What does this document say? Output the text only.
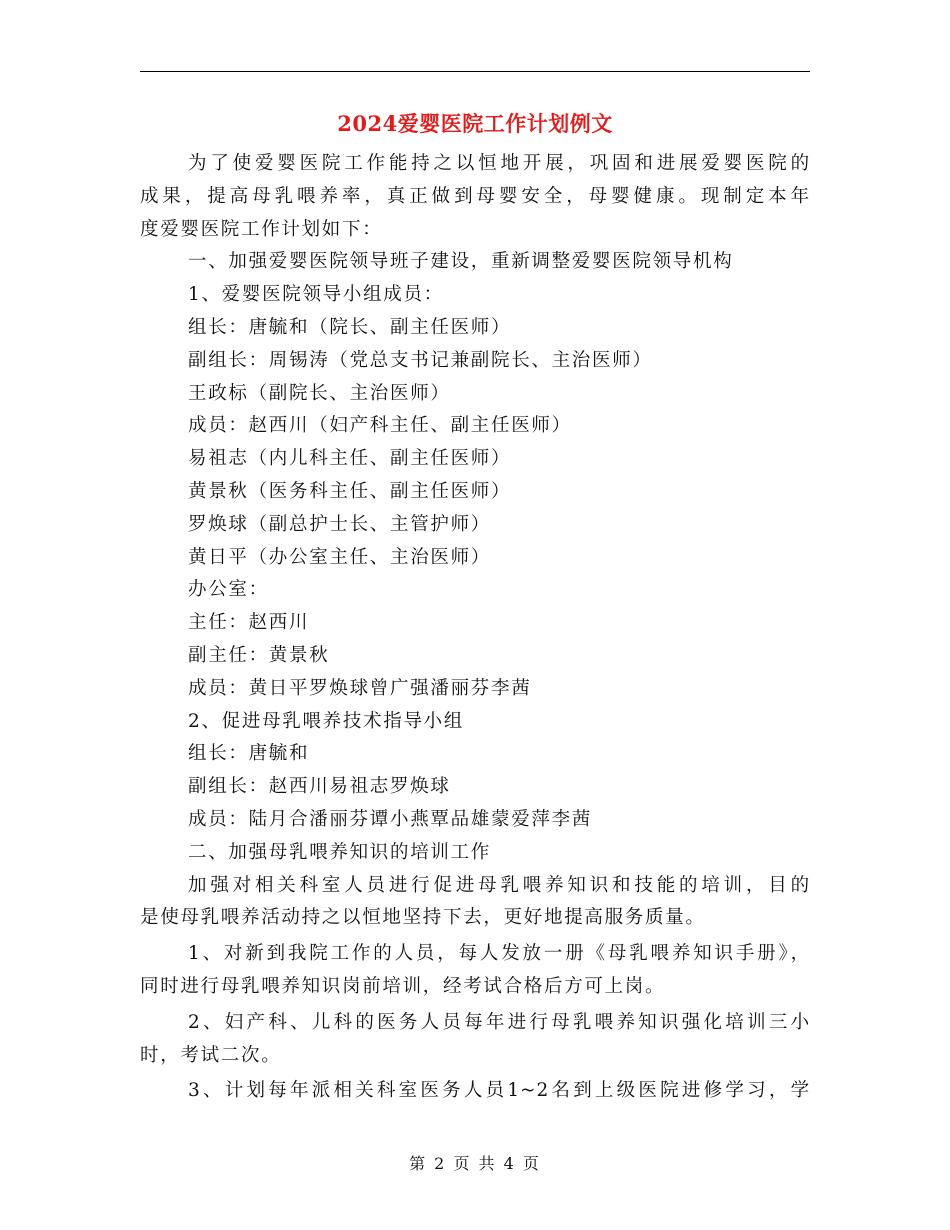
2024爱婴医院工作计划例文
为了使爱婴医院工作能持之以恒地开展，巩固和进展爱婴医院的
成果，提高母乳喂养率，真正做到母婴安全，母婴健康。现制定本年
度爱婴医院工作计划如下：
一、加强爱婴医院领导班子建设，重新调整爱婴医院领导机构
1、爱婴医院领导小组成员：
组长：唐毓和（院长、副主任医师）
副组长：周锡涛（党总支书记兼副院长、主治医师）
王政标（副院长、主治医师）
成员：赵西川（妇产科主任、副主任医师）
易祖志（内儿科主任、副主任医师）
黄景秋（医务科主任、副主任医师）
罗焕球（副总护士长、主管护师）
黄日平（办公室主任、主治医师）
办公室：
主任：赵西川
副主任：黄景秋
成员：黄日平罗焕球曾广强潘丽芬李茜
2、促进母乳喂养技术指导小组
组长：唐毓和
副组长：赵西川易祖志罗焕球
成员：陆月合潘丽芬谭小燕覃品雄蒙爱萍李茜
二、加强母乳喂养知识的培训工作
加强对相关科室人员进行促进母乳喂养知识和技能的培训，目的
是使母乳喂养活动持之以恒地坚持下去，更好地提高服务质量。
1、对新到我院工作的人员，每人发放一册《母乳喂养知识手册》，
同时进行母乳喂养知识岗前培训，经考试合格后方可上岗。
2、妇产科、儿科的医务人员每年进行母乳喂养知识强化培训三小
时，考试二次。
3、计划每年派相关科室医务人员1~2名到上级医院进修学习，学
第 2 页 共 4 页
